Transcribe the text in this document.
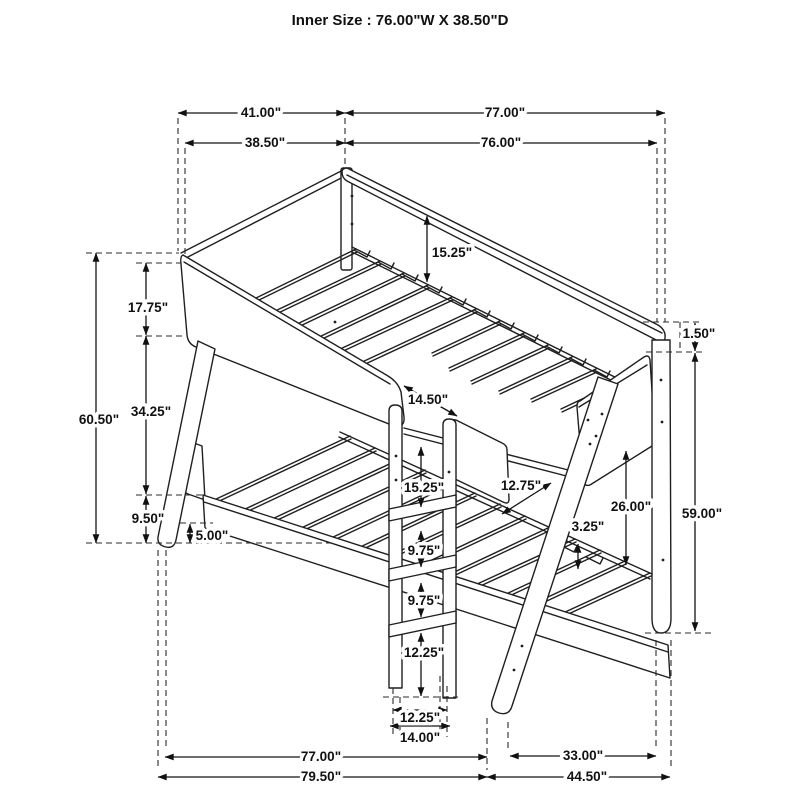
Inner Size : 76.00"W X 38.50"D
41.00"	77.00"
38.50"	76.00"
60.50"
17.75"
34.25"
9.50"
5.00"
15.25"
14.50"
15.25"
9.75"
9.75"
12.25"
12.25"
14.00"
12.75"
3.25"
26.00"
1.50"
59.00"
77.00"	33.00"
79.50"	44.50"
